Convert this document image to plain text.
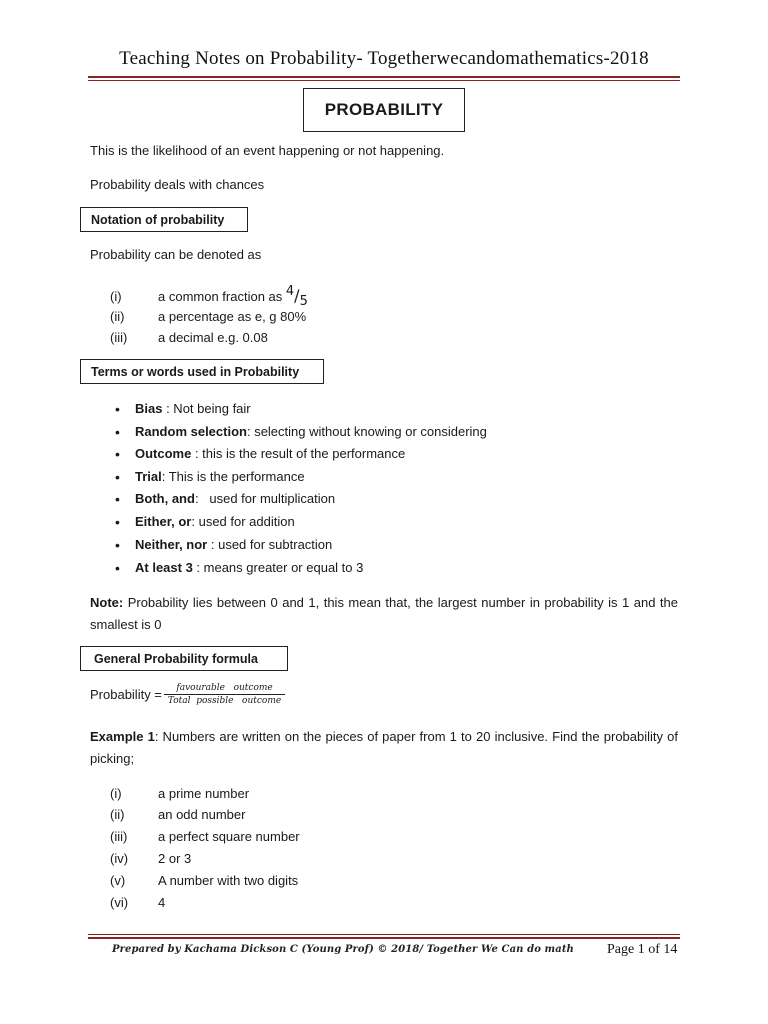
Teaching Notes on Probability- Togetherwecandomathematics-2018
PROBABILITY
This is the likelihood of an event happening or not happening.
Probability deals with chances
Notation of probability
Probability can be denoted as
(i)	a common fraction as $^4/_5$
(ii)	a percentage as e, g 80%
(iii) a decimal e.g. 0.08
Terms or words used in Probability
• Bias : Not being fair
• Random selection: selecting without knowing or considering
• Outcome : this is the result of the performance
• Trial: This is the performance
• Both, and:   used for multiplication
• Either, or: used for addition
• Neither, nor : used for subtraction
• At least 3 : means greater or equal to 3
Note: Probability lies between 0 and 1, this mean that, the largest number in probability is 1 and the smallest is 0
General Probability formula
Probability = $\frac{\text{favourable   outcome}}{\text{Total  possible   outcome}}$
Example 1: Numbers are written on the pieces of paper from 1 to 20 inclusive. Find the probability of picking;
(i)	a prime number
(ii)	an odd number
(iii) a perfect square number
(iv) 2 or 3
(v)	A number with two digits
(vi) 4
Prepared by Kachama Dickson C (Young Prof) © 2018/ Together We Can do math Page 1 of 14
